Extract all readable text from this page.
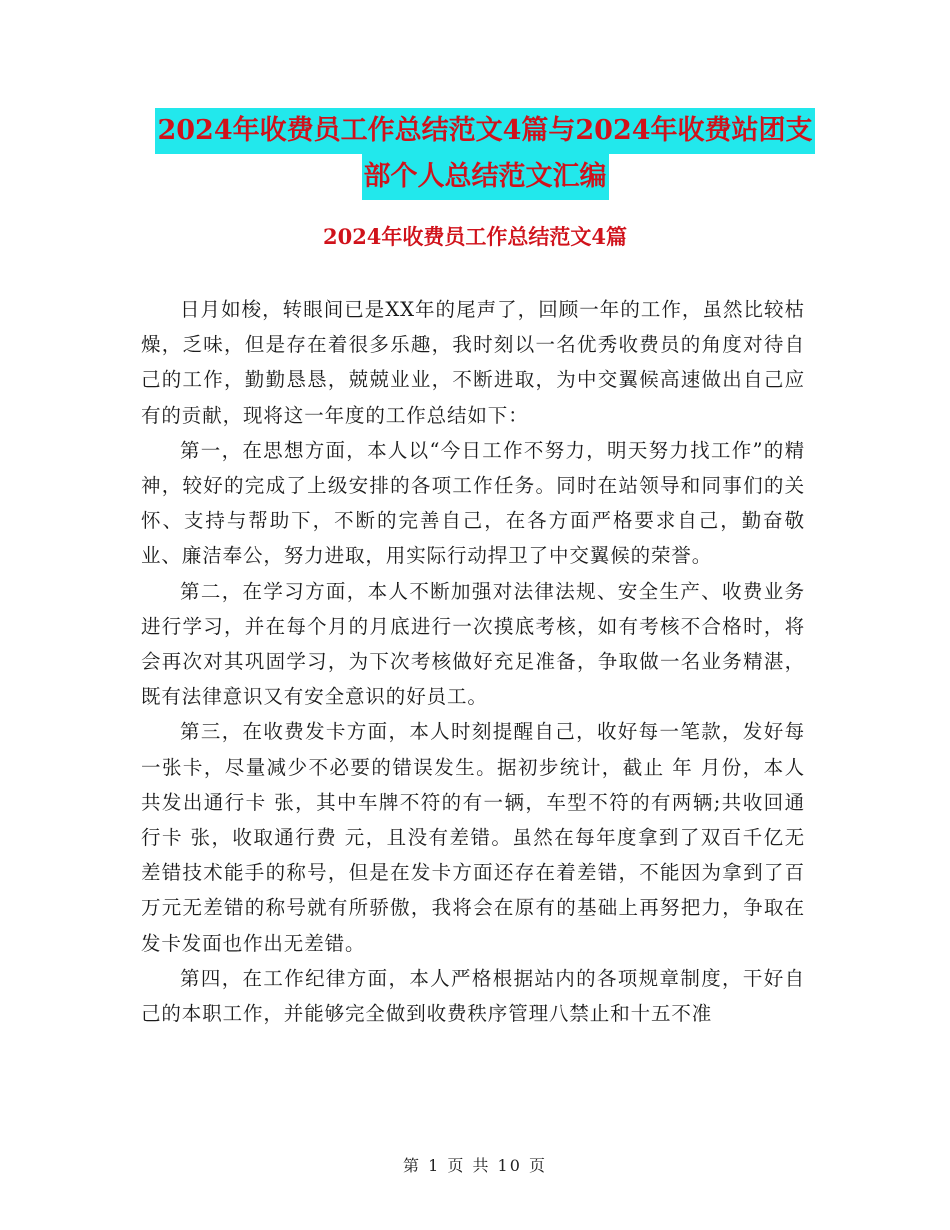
2024年收费员工作总结范文4篇与2024年收费站团支
部个人总结范文汇编
2024年收费员工作总结范文4篇

日月如梭，转眼间已是XX年的尾声了，回顾一年的工作，虽然比较枯燥，乏味，但是存在着很多乐趣，我时刻以一名优秀收费员的角度对待自己的工作，勤勤恳恳，兢兢业业，不断进取，为中交翼候高速做出自己应有的贡献，现将这一年度的工作总结如下：

第一，在思想方面，本人以“今日工作不努力，明天努力找工作”的精神，较好的完成了上级安排的各项工作任务。同时在站领导和同事们的关怀、支持与帮助下，不断的完善自己，在各方面严格要求自己，勤奋敬业、廉洁奉公，努力进取，用实际行动捍卫了中交翼候的荣誉。

第二，在学习方面，本人不断加强对法律法规、安全生产、收费业务进行学习，并在每个月的月底进行一次摸底考核，如有考核不合格时，将会再次对其巩固学习，为下次考核做好充足准备，争取做一名业务精湛，既有法律意识又有安全意识的好员工。

第三，在收费发卡方面，本人时刻提醒自己，收好每一笔款，发好每一张卡，尽量减少不必要的错误发生。据初步统计，截止 年 月份，本人共发出通行卡 张，其中车牌不符的有一辆，车型不符的有两辆;共收回通行卡 张，收取通行费 元，且没有差错。虽然在每年度拿到了双百千亿无差错技术能手的称号，但是在发卡方面还存在着差错，不能因为拿到了百万元无差错的称号就有所骄傲，我将会在原有的基础上再努把力，争取在发卡发面也作出无差错。

第四，在工作纪律方面，本人严格根据站内的各项规章制度，干好自己的本职工作，并能够完全做到收费秩序管理八禁止和十五不准

第 1 页 共 10 页
